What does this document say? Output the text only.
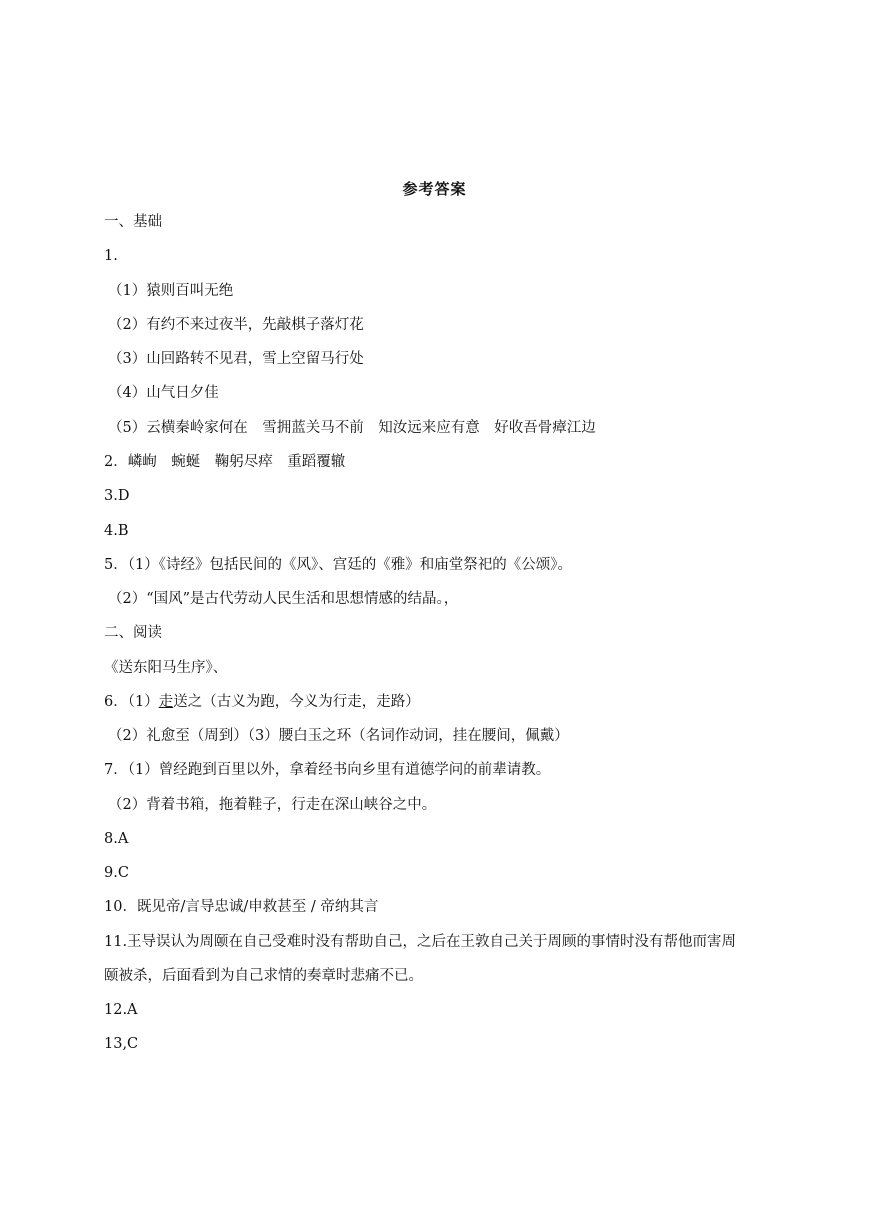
参考答案
一、基础
1.
（1）猿则百叫无绝
（2）有约不来过夜半，先敲棋子落灯花
（3）山回路转不见君，雪上空留马行处
（4）山气日夕佳
（5）云横秦岭家何在　雪拥蓝关马不前　知汝远来应有意　好收吾骨瘴江边
2．嶙峋　蜿蜒　鞠躬尽瘁　重蹈覆辙
3.D
4.B
5．（1）《诗经》包括民间的《风》、宫廷的《雅》和庙堂祭祀的《公颂》。
（2）“国风”是古代劳动人民生活和思想情感的结晶。，
二、阅读
《送东阳马生序》、
6．（1）走送之（古义为跑，今义为行走，走路）
（2）礼愈至（周到）（3）腰白玉之环（名词作动词，挂在腰间，佩戴）
7．（1）曾经跑到百里以外，拿着经书向乡里有道德学问的前辈请教。
（2）背着书箱，拖着鞋子，行走在深山峡谷之中。
8.A
9.C
10．既见帝/言导忠诚/申救甚至 / 帝纳其言
11.王导误认为周颐在自己受难时没有帮助自己，之后在王敦自己关于周顾的事情时没有帮他而害周
颐被杀，后面看到为自己求情的奏章时悲痛不已。
12.A
13,C
